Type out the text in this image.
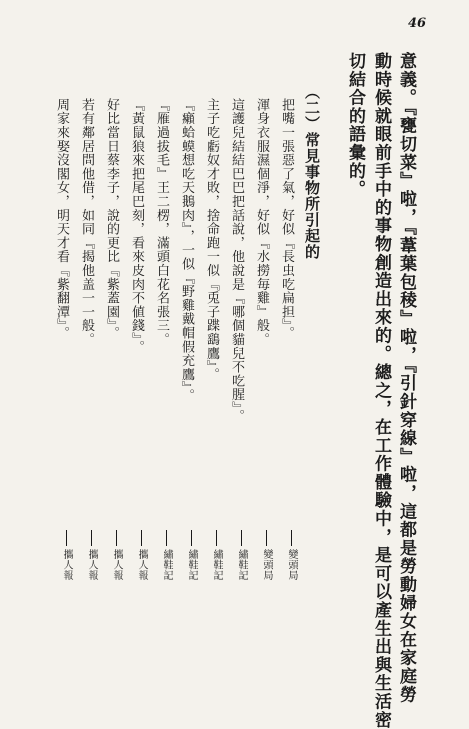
46
意義。『甕切菜』啦，『葦葉包稜』啦，『引針穿線』啦，這都是勞動婦女在家庭勞
動時候就眼前手中的事物創造出來的。總之，在工作體驗中，是可以產生出與生活密
切結合的語彙的。
（二）常見事物所引起的
把嘴一張惡了氣，好似『長虫吃扁担』。
渾身衣服濕個淨，好似『水撈毎雞』般。
這護兒結結巴巴把話說，他說是『哪個貓兒不吃腥』。
主子吃虧奴才敗，捨命跑一似『兎子蹀鷂鷹』。
『癩蛤蟆想吃天鵝肉』，一似『野雞戴帽假充鷹』。
『雁過拔毛』王二楞，滿頭白花名張三。
『黃鼠狼來把尾巴刻，看來皮肉不値錢』。
好比當日蔡李子，說的更比『紫蓋園』。
若有鄰居問他借，如同『揭他盖一一般。
周家來娶沒閣女，明天才看『紫翻潭』。
變頭局
變頭局
繡鞋記
繡鞋記
繡鞋記
繡鞋記
攜人報
攜人報
攜人報
攜人報
